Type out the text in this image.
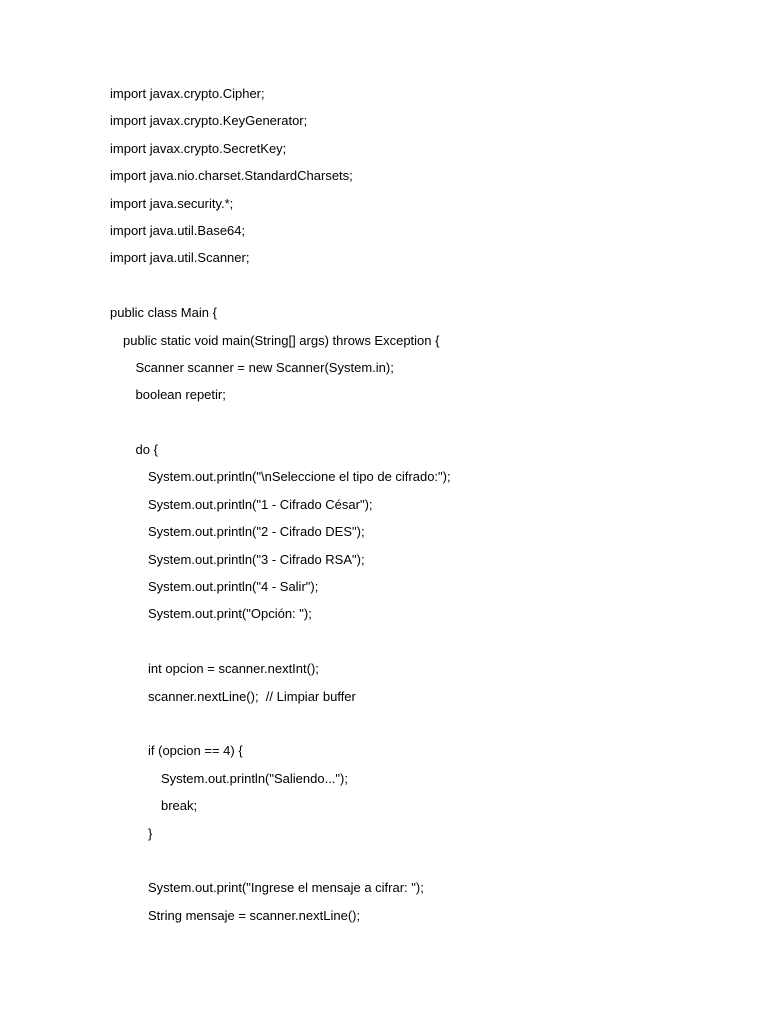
import javax.crypto.Cipher;
import javax.crypto.KeyGenerator;
import javax.crypto.SecretKey;
import java.nio.charset.StandardCharsets;
import java.security.*;
import java.util.Base64;
import java.util.Scanner;
public class Main {
public static void main(String[] args) throws Exception {
Scanner scanner = new Scanner(System.in);
boolean repetir;
do {
System.out.println("\nSeleccione el tipo de cifrado:");
System.out.println("1 - Cifrado César");
System.out.println("2 - Cifrado DES");
System.out.println("3 - Cifrado RSA");
System.out.println("4 - Salir");
System.out.print("Opción: ");
int opcion = scanner.nextInt();
scanner.nextLine();  // Limpiar buffer
if (opcion == 4) {
System.out.println("Saliendo...");
break;
}
System.out.print("Ingrese el mensaje a cifrar: ");
String mensaje = scanner.nextLine();
